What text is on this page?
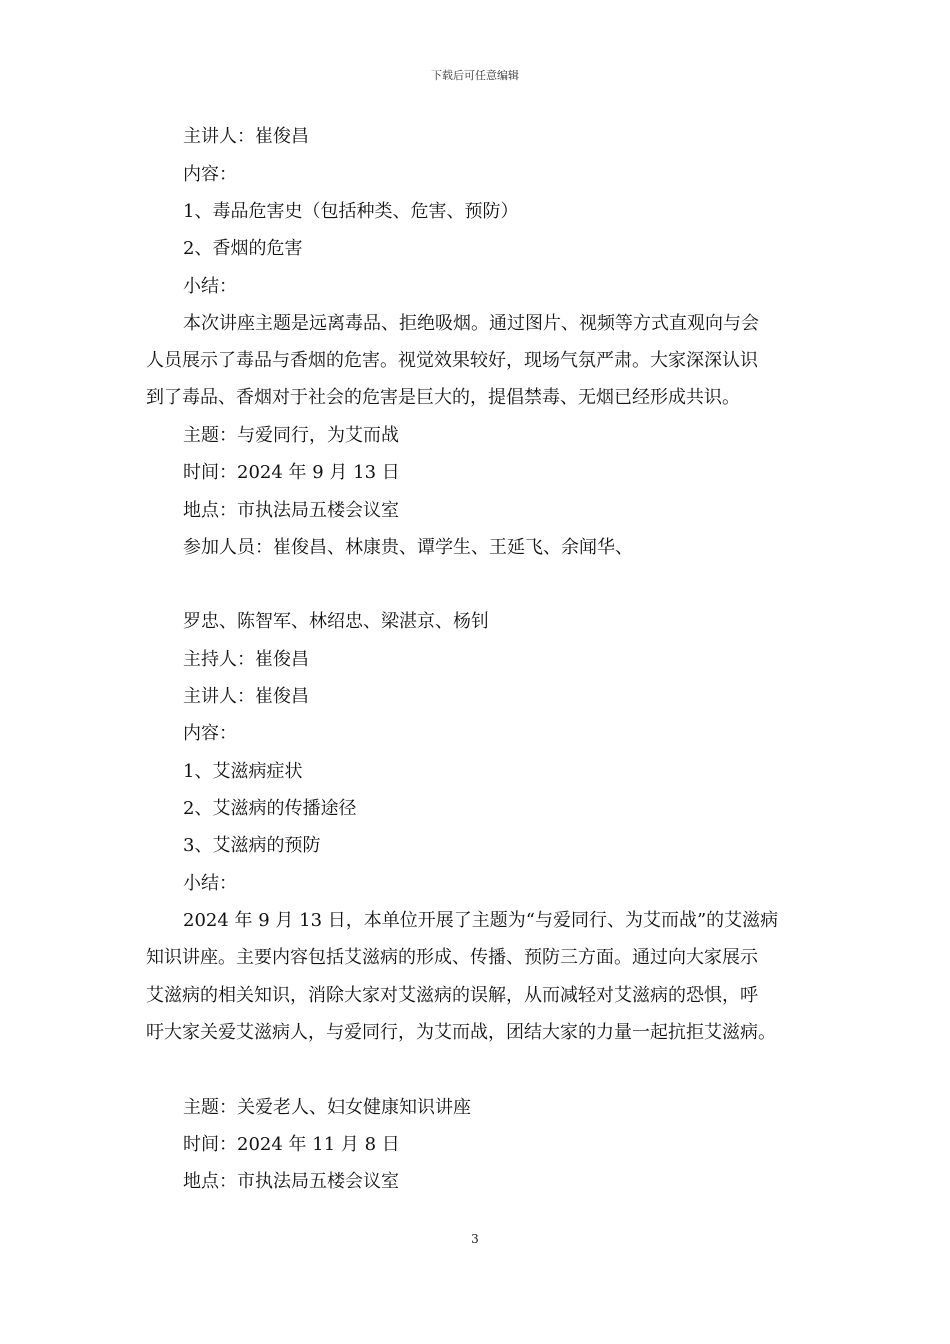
下载后可任意编辑
主讲人：崔俊昌
内容：
1、毒品危害史（包括种类、危害、预防）
2、香烟的危害
小结：
本次讲座主题是远离毒品、拒绝吸烟。通过图片、视频等方式直观向与会
人员展示了毒品与香烟的危害。视觉效果较好，现场气氛严肃。大家深深认识
到了毒品、香烟对于社会的危害是巨大的，提倡禁毒、无烟已经形成共识。
主题：与爱同行，为艾而战
时间：2024 年 9 月 13 日
地点：市执法局五楼会议室
参加人员：崔俊昌、林康贵、谭学生、王延飞、余闻华、
罗忠、陈智军、林绍忠、梁湛京、杨钊
主持人：崔俊昌
主讲人：崔俊昌
内容：
1、艾滋病症状
2、艾滋病的传播途径
3、艾滋病的预防
小结：
2024 年 9 月 13 日，本单位开展了主题为“与爱同行、为艾而战”的艾滋病
知识讲座。主要内容包括艾滋病的形成、传播、预防三方面。通过向大家展示
艾滋病的相关知识，消除大家对艾滋病的误解，从而减轻对艾滋病的恐惧，呼
吁大家关爱艾滋病人，与爱同行，为艾而战，团结大家的力量一起抗拒艾滋病。
主题：关爱老人、妇女健康知识讲座
时间：2024 年 11 月 8 日
地点：市执法局五楼会议室
3
